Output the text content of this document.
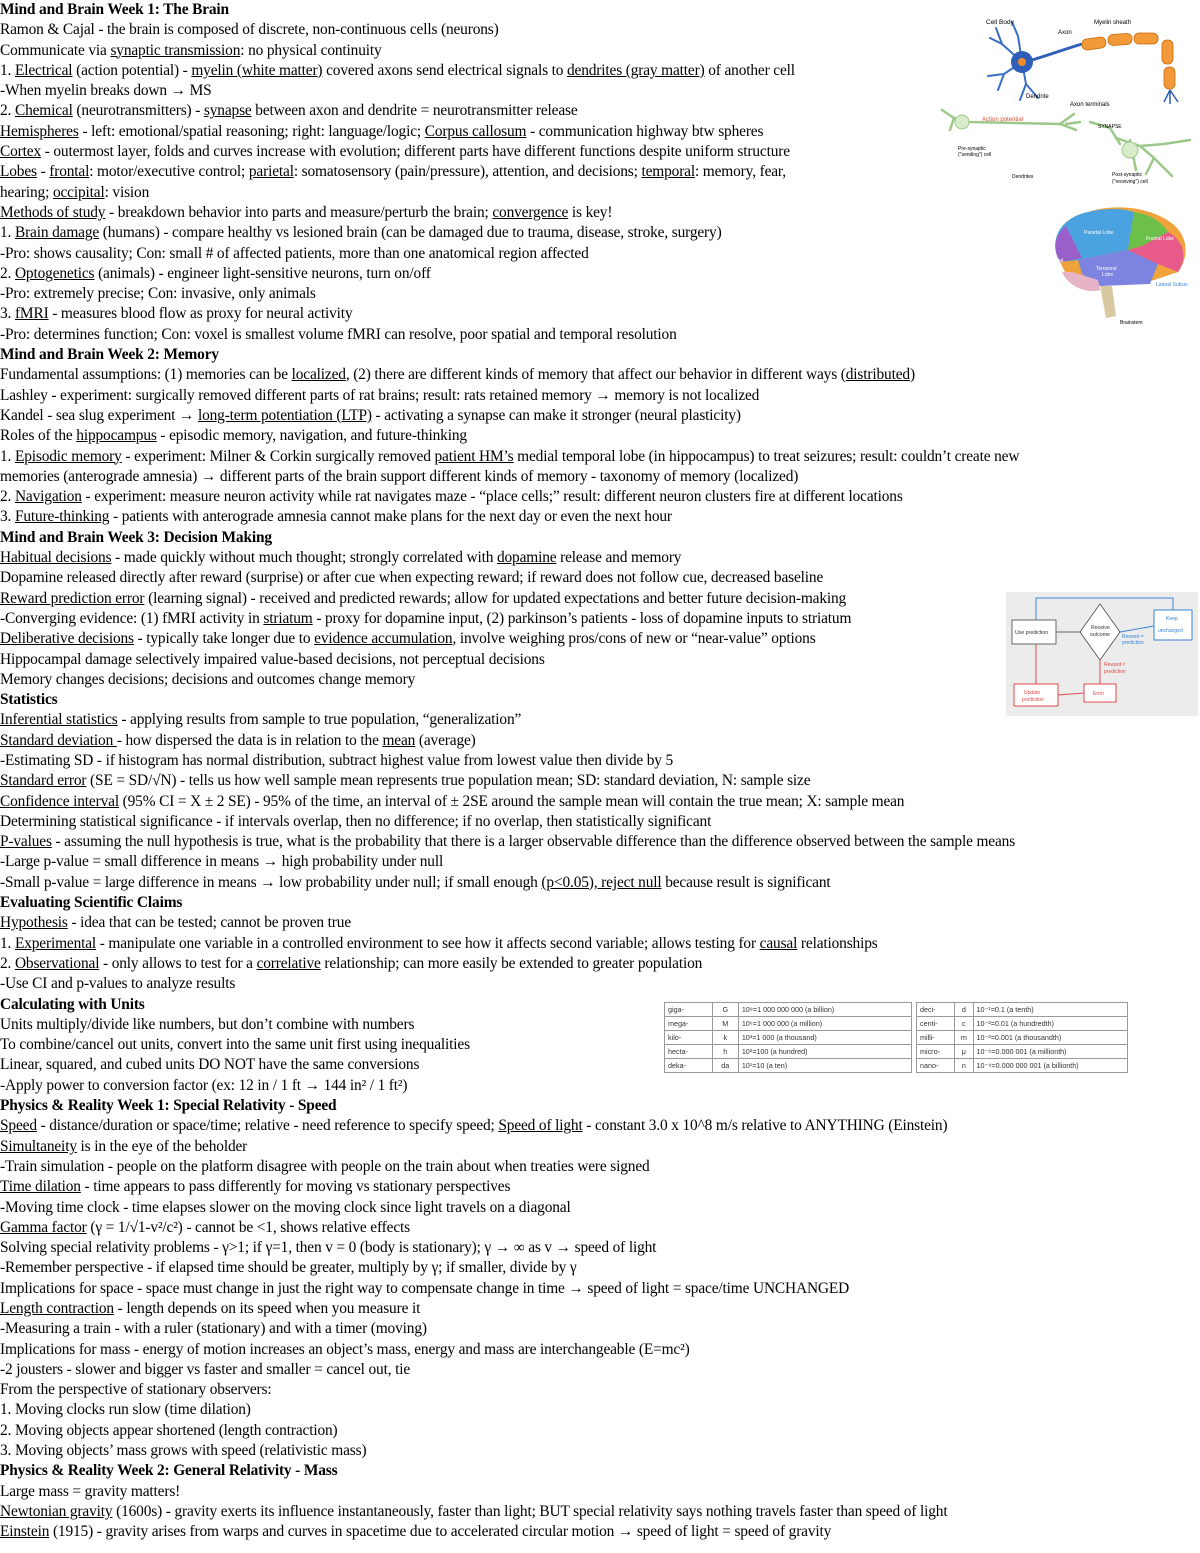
Mind and Brain Week 1: The Brain
Ramon & Cajal - the brain is composed of discrete, non-continuous cells (neurons)
Communicate via synaptic transmission: no physical continuity
1. Electrical (action potential) - myelin (white matter) covered axons send electrical signals to dendrites (gray matter) of another cell
-When myelin breaks down → MS
2. Chemical (neurotransmitters) - synapse between axon and dendrite = neurotransmitter release
Hemispheres - left: emotional/spatial reasoning; right: language/logic; Corpus callosum - communication highway btw spheres
Cortex - outermost layer, folds and curves increase with evolution; different parts have different functions despite uniform structure
Lobes - frontal: motor/executive control; parietal: somatosensory (pain/pressure), attention, and decisions; temporal: memory, fear,
hearing; occipital: vision
Methods of study - breakdown behavior into parts and measure/perturb the brain; convergence is key!
1. Brain damage (humans) - compare healthy vs lesioned brain (can be damaged due to trauma, disease, stroke, surgery)
-Pro: shows causality; Con: small # of affected patients, more than one anatomical region affected
2. Optogenetics (animals) - engineer light-sensitive neurons, turn on/off
-Pro: extremely precise; Con: invasive, only animals
3. fMRI - measures blood flow as proxy for neural activity
-Pro: determines function; Con: voxel is smallest volume fMRI can resolve, poor spatial and temporal resolution
Mind and Brain Week 2: Memory
Fundamental assumptions: (1) memories can be localized, (2) there are different kinds of memory that affect our behavior in different ways (distributed)
Lashley - experiment: surgically removed different parts of rat brains; result: rats retained memory → memory is not localized
Kandel - sea slug experiment → long-term potentiation (LTP) - activating a synapse can make it stronger (neural plasticity)
Roles of the hippocampus - episodic memory, navigation, and future-thinking
1. Episodic memory - experiment: Milner & Corkin surgically removed patient HM’s medial temporal lobe (in hippocampus) to treat seizures; result: couldn’t create new
memories (anterograde amnesia) → different parts of the brain support different kinds of memory - taxonomy of memory (localized)
2. Navigation - experiment: measure neuron activity while rat navigates maze - “place cells;” result: different neuron clusters fire at different locations
3. Future-thinking - patients with anterograde amnesia cannot make plans for the next day or even the next hour
Mind and Brain Week 3: Decision Making
Habitual decisions - made quickly without much thought; strongly correlated with dopamine release and memory
Dopamine released directly after reward (surprise) or after cue when expecting reward; if reward does not follow cue, decreased baseline
Reward prediction error (learning signal) - received and predicted rewards; allow for updated expectations and better future decision-making
-Converging evidence: (1) fMRI activity in striatum - proxy for dopamine input, (2) parkinson’s patients - loss of dopamine inputs to striatum
Deliberative decisions - typically take longer due to evidence accumulation, involve weighing pros/cons of new or “near-value” options
Hippocampal damage selectively impaired value-based decisions, not perceptual decisions
Memory changes decisions; decisions and outcomes change memory
Statistics
Inferential statistics - applying results from sample to true population, “generalization”
Standard deviation - how dispersed the data is in relation to the mean (average)
-Estimating SD - if histogram has normal distribution, subtract highest value from lowest value then divide by 5
Standard error (SE = SD/√N) - tells us how well sample mean represents true population mean; SD: standard deviation, N: sample size
Confidence interval (95% CI = X ± 2 SE) - 95% of the time, an interval of ± 2SE around the sample mean will contain the true mean; X: sample mean
Determining statistical significance - if intervals overlap, then no difference; if no overlap, then statistically significant
P-values - assuming the null hypothesis is true, what is the probability that there is a larger observable difference than the difference observed between the sample means
-Large p-value = small difference in means → high probability under null
-Small p-value = large difference in means → low probability under null; if small enough (p<0.05), reject null because result is significant
Evaluating Scientific Claims
Hypothesis - idea that can be tested; cannot be proven true
1. Experimental - manipulate one variable in a controlled environment to see how it affects second variable; allows testing for causal relationships
2. Observational - only allows to test for a correlative relationship; can more easily be extended to greater population
-Use CI and p-values to analyze results
Calculating with Units
Units multiply/divide like numbers, but don’t combine with numbers
To combine/cancel out units, convert into the same unit first using inequalities
Linear, squared, and cubed units DO NOT have the same conversions
-Apply power to conversion factor (ex: 12 in / 1 ft → 144 in² / 1 ft²)
Physics & Reality Week 1: Special Relativity - Speed
Speed - distance/duration or space/time; relative - need reference to specify speed; Speed of light - constant 3.0 x 10^8 m/s relative to ANYTHING (Einstein)
Simultaneity is in the eye of the beholder
-Train simulation - people on the platform disagree with people on the train about when treaties were signed
Time dilation - time appears to pass differently for moving vs stationary perspectives
-Moving time clock - time elapses slower on the moving clock since light travels on a diagonal
Gamma factor (γ = 1/√1-v²/c²) - cannot be <1, shows relative effects
Solving special relativity problems - γ>1; if γ=1, then v = 0 (body is stationary); γ → ∞ as v → speed of light
-Remember perspective - if elapsed time should be greater, multiply by γ; if smaller, divide by γ
Implications for space - space must change in just the right way to compensate change in time → speed of light = space/time UNCHANGED
Length contraction - length depends on its speed when you measure it
-Measuring a train - with a ruler (stationary) and with a timer (moving)
Implications for mass - energy of motion increases an object’s mass, energy and mass are interchangeable (E=mc²)
-2 jousters - slower and bigger vs faster and smaller = cancel out, tie
From the perspective of stationary observers:
1. Moving clocks run slow (time dilation)
2. Moving objects appear shortened (length contraction)
3. Moving objects’ mass grows with speed (relativistic mass)
Physics & Reality Week 2: General Relativity - Mass
Large mass = gravity matters!
Newtonian gravity (1600s) - gravity exerts its influence instantaneously, faster than light; BUT special relativity says nothing travels faster than speed of light
Einstein (1915) - gravity arises from warps and curves in spacetime due to accelerated circular motion → speed of light = speed of gravity
Cell Body
Axon
Myelin sheath
Dendrite
Action potential
Axon terminals
SYNAPSE
Pre-synaptic
("sending") cell
Dendrites	Post-synaptic
("receiving") cell
Parietal Lobe
Frontal Lobe
Occipital
Lobe	Temporal
Lobe
Cerebellum
Lateral Sulcus
Brainstem
Use prediction
Receive
outcome Reward =
prediction
Keep
unchanged
Reward ≠
prediction
Update
prediction
Error
giga-	G	10⁹=1 000 000 000 (a billion)
mega-	M	10⁶=1 000 000 (a million)
kilo-	k	10³=1 000 (a thousand)
hecta-	h	10²=100 (a hundred)
deka-	da	10¹=10 (a ten)
deci-	d	10⁻¹=0.1 (a tenth)
centi-	c	10⁻²=0.01 (a hundredth)
milli-	m	10⁻³=0.001 (a thousandth)
micro-	μ	10⁻⁶=0.000 001 (a millionth)
nano-	n	10⁻⁹=0.000 000 001 (a billionth)
